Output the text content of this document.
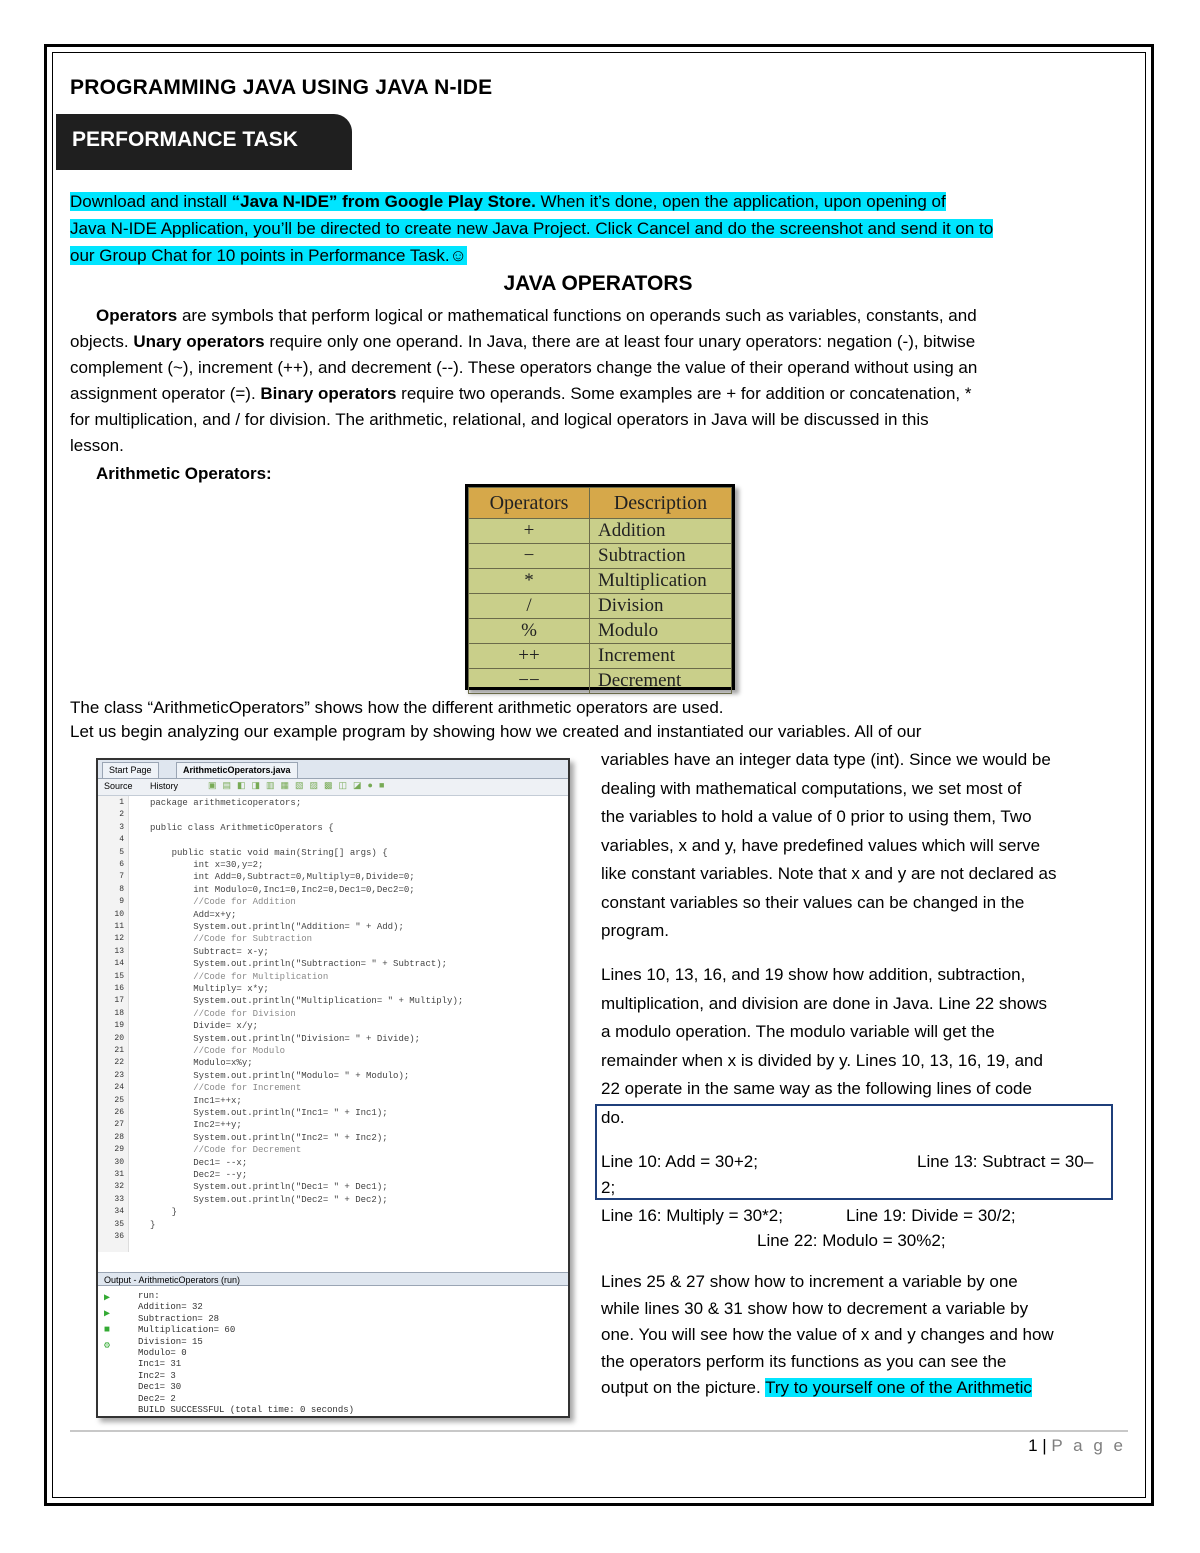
PROGRAMMING JAVA USING JAVA N-IDE
PERFORMANCE TASK
Download and install “Java N-IDE” from Google Play Store. When it’s done, open the application, upon opening of
Java N-IDE Application, you’ll be directed to create new Java Project. Click Cancel and do the screenshot and send it on to
our Group Chat for 10 points in Performance Task.☺
JAVA OPERATORS
Operators are symbols that perform logical or mathematical functions on operands such as variables, constants, and
objects. Unary operators require only one operand. In Java, there are at least four unary operators: negation (-), bitwise
complement (~), increment (++), and decrement (--). These operators change the value of their operand without using an
assignment operator (=). Binary operators require two operands. Some examples are + for addition or concatenation, *
for multiplication, and / for division. The arithmetic, relational, and logical operators in Java will be discussed in this
lesson.
Arithmetic Operators:
Operators	Description
+	Addition
−	Subtraction
*	Multiplication
/	Division
%	Modulo
++	Increment
−−	Decrement
The class “ArithmeticOperators” shows how the different arithmetic operators are used.
Let us begin analyzing our example program by showing how we created and instantiated our variables. All of our
Start Page	ArithmeticOperators.java
Source History	▣▤◧◨▥▦▧▨▩◫◪●■
1	package arithmeticoperators;
2
3	public class ArithmeticOperators {
4
5	public static void main(String[] args) {
6	int x=30,y=2;
7	int Add=0,Subtract=0,Multiply=0,Divide=0;
8	int Modulo=0,Inc1=0,Inc2=0,Dec1=0,Dec2=0;
9	//Code for Addition
10	Add=x+y;
11	System.out.println("Addition= " + Add);
12	//Code for Subtraction
13	Subtract= x-y;
14	System.out.println("Subtraction= " + Subtract);
15	//Code for Multiplication
16	Multiply= x*y;
17	System.out.println("Multiplication= " + Multiply);
18	//Code for Division
19	Divide= x/y;
20	System.out.println("Division= " + Divide);
21	//Code for Modulo
22	Modulo=x%y;
23	System.out.println("Modulo= " + Modulo);
24	//Code for Increment
25	Inc1=++x;
26	System.out.println("Inc1= " + Inc1);
27	Inc2=++y;
28	System.out.println("Inc2= " + Inc2);
29	//Code for Decrement
30	Dec1= --x;
31	Dec2= --y;
32	System.out.println("Dec1= " + Dec1);
33	System.out.println("Dec2= " + Dec2);
34	}
35	}
36
Output - ArithmeticOperators (run)
▶
▶
■
⚙
run:
Addition= 32
Subtraction= 28
Multiplication= 60
Division= 15
Modulo= 0
Inc1= 31
Inc2= 3
Dec1= 30
Dec2= 2
BUILD SUCCESSFUL (total time: 0 seconds)
variables have an integer data type (int). Since we would be
dealing with mathematical computations, we set most of
the variables to hold a value of 0 prior to using them, Two
variables, x and y, have predefined values which will serve
like constant variables. Note that x and y are not declared as
constant variables so their values can be changed in the
program.
Lines 10, 13, 16, and 19 show how addition, subtraction,
multiplication, and division are done in Java. Line 22 shows
a modulo operation. The modulo variable will get the
remainder when x is divided by y. Lines 10, 13, 16, 19, and
22 operate in the same way as the following lines of code
do.
Line 10: Add = 30+2;	Line 13: Subtract = 30–
2;
Line 16: Multiply = 30*2;	Line 19: Divide = 30/2;
Line 22: Modulo = 30%2;
Lines 25 & 27 show how to increment a variable by one
while lines 30 & 31 show how to decrement a variable by
one. You will see how the value of x and y changes and how
the operators perform its functions as you can see the
output on the picture. Try to yourself one of the Arithmetic
1 | P a g e
